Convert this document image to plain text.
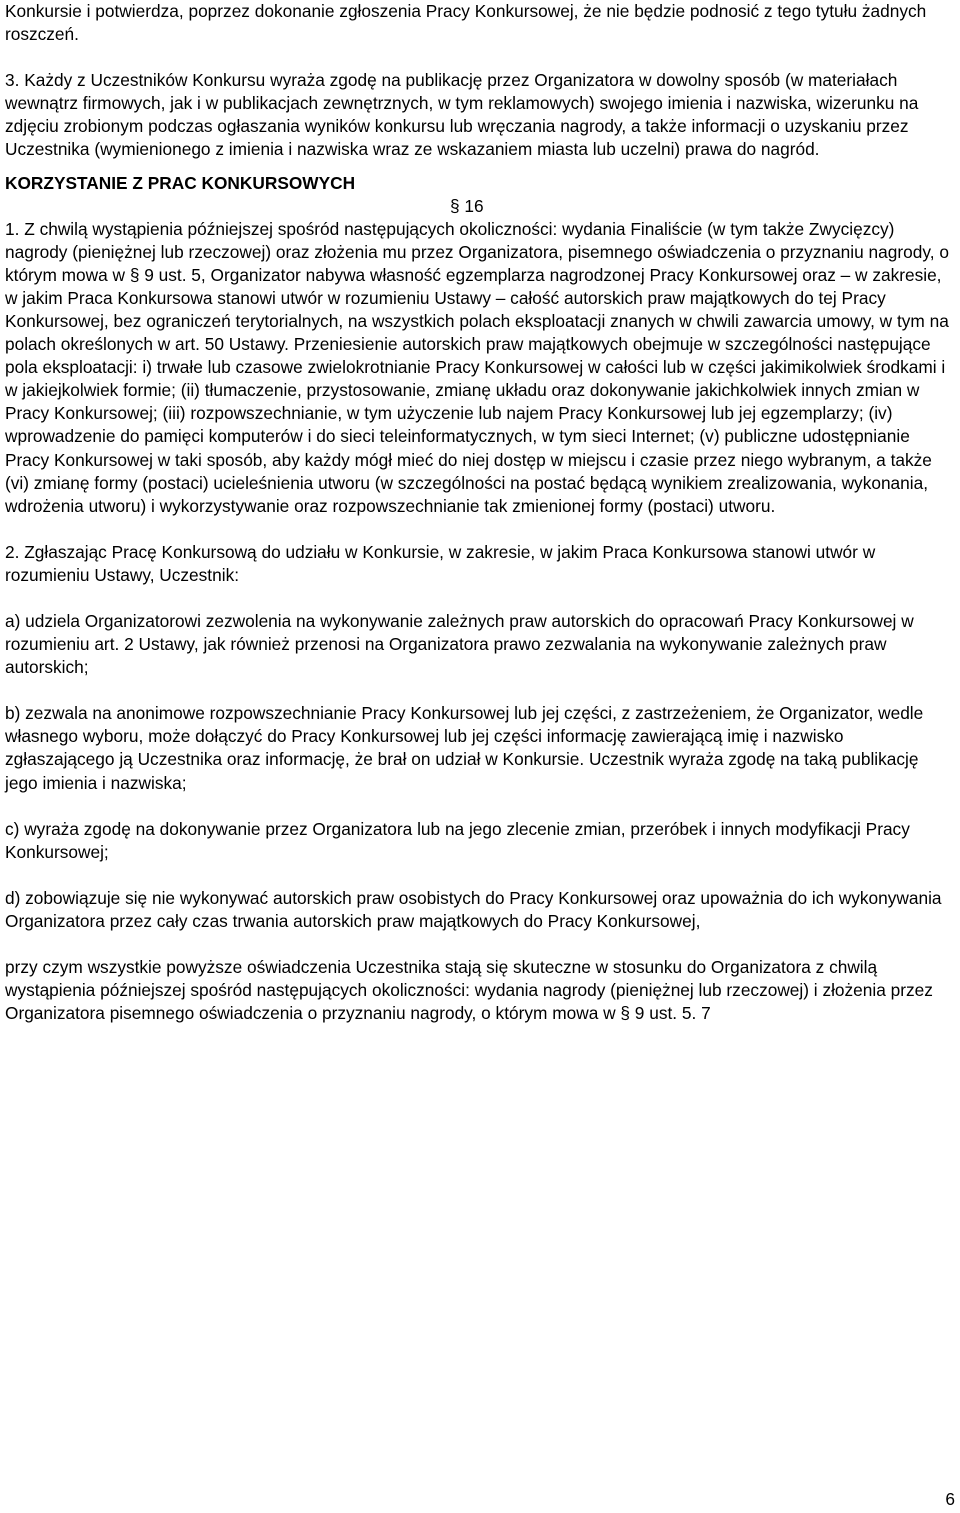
Konkursie i potwierdza, poprzez dokonanie zgłoszenia Pracy Konkursowej, że nie będzie podnosić z tego tytułu żadnych roszczeń.

3. Każdy z Uczestników Konkursu wyraża zgodę na publikację przez Organizatora w dowolny sposób (w materiałach wewnątrz firmowych, jak i w publikacjach zewnętrznych, w tym reklamowych) swojego imienia i nazwiska, wizerunku na zdjęciu zrobionym podczas ogłaszania wyników konkursu lub wręczania nagrody, a także informacji o uzyskaniu przez Uczestnika (wymienionego z imienia i nazwiska wraz ze wskazaniem miasta lub uczelni) prawa do nagród.

KORZYSTANIE Z PRAC KONKURSOWYCH

§ 16

1. Z chwilą wystąpienia późniejszej spośród następujących okoliczności: wydania Finaliście (w tym także Zwycięzcy) nagrody (pieniężnej lub rzeczowej) oraz złożenia mu przez Organizatora, pisemnego oświadczenia o przyznaniu nagrody, o którym mowa w § 9 ust. 5, Organizator nabywa własność egzemplarza nagrodzonej Pracy Konkursowej oraz – w zakresie, w jakim Praca Konkursowa stanowi utwór w rozumieniu Ustawy – całość autorskich praw majątkowych do tej Pracy Konkursowej, bez ograniczeń terytorialnych, na wszystkich polach eksploatacji znanych w chwili zawarcia umowy, w tym na polach określonych w art. 50 Ustawy. Przeniesienie autorskich praw majątkowych obejmuje w szczególności następujące pola eksploatacji: i) trwałe lub czasowe zwielokrotnianie Pracy Konkursowej w całości lub w części jakimikolwiek środkami i w jakiejkolwiek formie; (ii) tłumaczenie, przystosowanie, zmianę układu oraz dokonywanie jakichkolwiek innych zmian w Pracy Konkursowej; (iii) rozpowszechnianie, w tym użyczenie lub najem Pracy Konkursowej lub jej egzemplarzy; (iv) wprowadzenie do pamięci komputerów i do sieci teleinformatycznych, w tym sieci Internet; (v) publiczne udostępnianie Pracy Konkursowej w taki sposób, aby każdy mógł mieć do niej dostęp w miejscu i czasie przez niego wybranym, a także (vi) zmianę formy (postaci) ucieleśnienia utworu (w szczególności na postać będącą wynikiem zrealizowania, wykonania, wdrożenia utworu) i wykorzystywanie oraz rozpowszechnianie tak zmienionej formy (postaci) utworu.

2. Zgłaszając Pracę Konkursową do udziału w Konkursie, w zakresie, w jakim Praca Konkursowa stanowi utwór w rozumieniu Ustawy, Uczestnik:

a) udziela Organizatorowi zezwolenia na wykonywanie zależnych praw autorskich do opracowań Pracy Konkursowej w rozumieniu art. 2 Ustawy, jak również przenosi na Organizatora prawo zezwalania na wykonywanie zależnych praw autorskich;

b) zezwala na anonimowe rozpowszechnianie Pracy Konkursowej lub jej części, z zastrzeżeniem, że Organizator, wedle własnego wyboru, może dołączyć do Pracy Konkursowej lub jej części informację zawierającą imię i nazwisko zgłaszającego ją Uczestnika oraz informację, że brał on udział w Konkursie. Uczestnik wyraża zgodę na taką publikację jego imienia i nazwiska;

c) wyraża zgodę na dokonywanie przez Organizatora lub na jego zlecenie zmian, przeróbek i innych modyfikacji Pracy Konkursowej;

d) zobowiązuje się nie wykonywać autorskich praw osobistych do Pracy Konkursowej oraz upoważnia do ich wykonywania Organizatora przez cały czas trwania autorskich praw majątkowych do Pracy Konkursowej,

przy czym wszystkie powyższe oświadczenia Uczestnika stają się skuteczne w stosunku do Organizatora z chwilą wystąpienia późniejszej spośród następujących okoliczności: wydania nagrody (pieniężnej lub rzeczowej) i złożenia przez Organizatora pisemnego oświadczenia o przyznaniu nagrody, o którym mowa w § 9 ust. 5. 7

6
